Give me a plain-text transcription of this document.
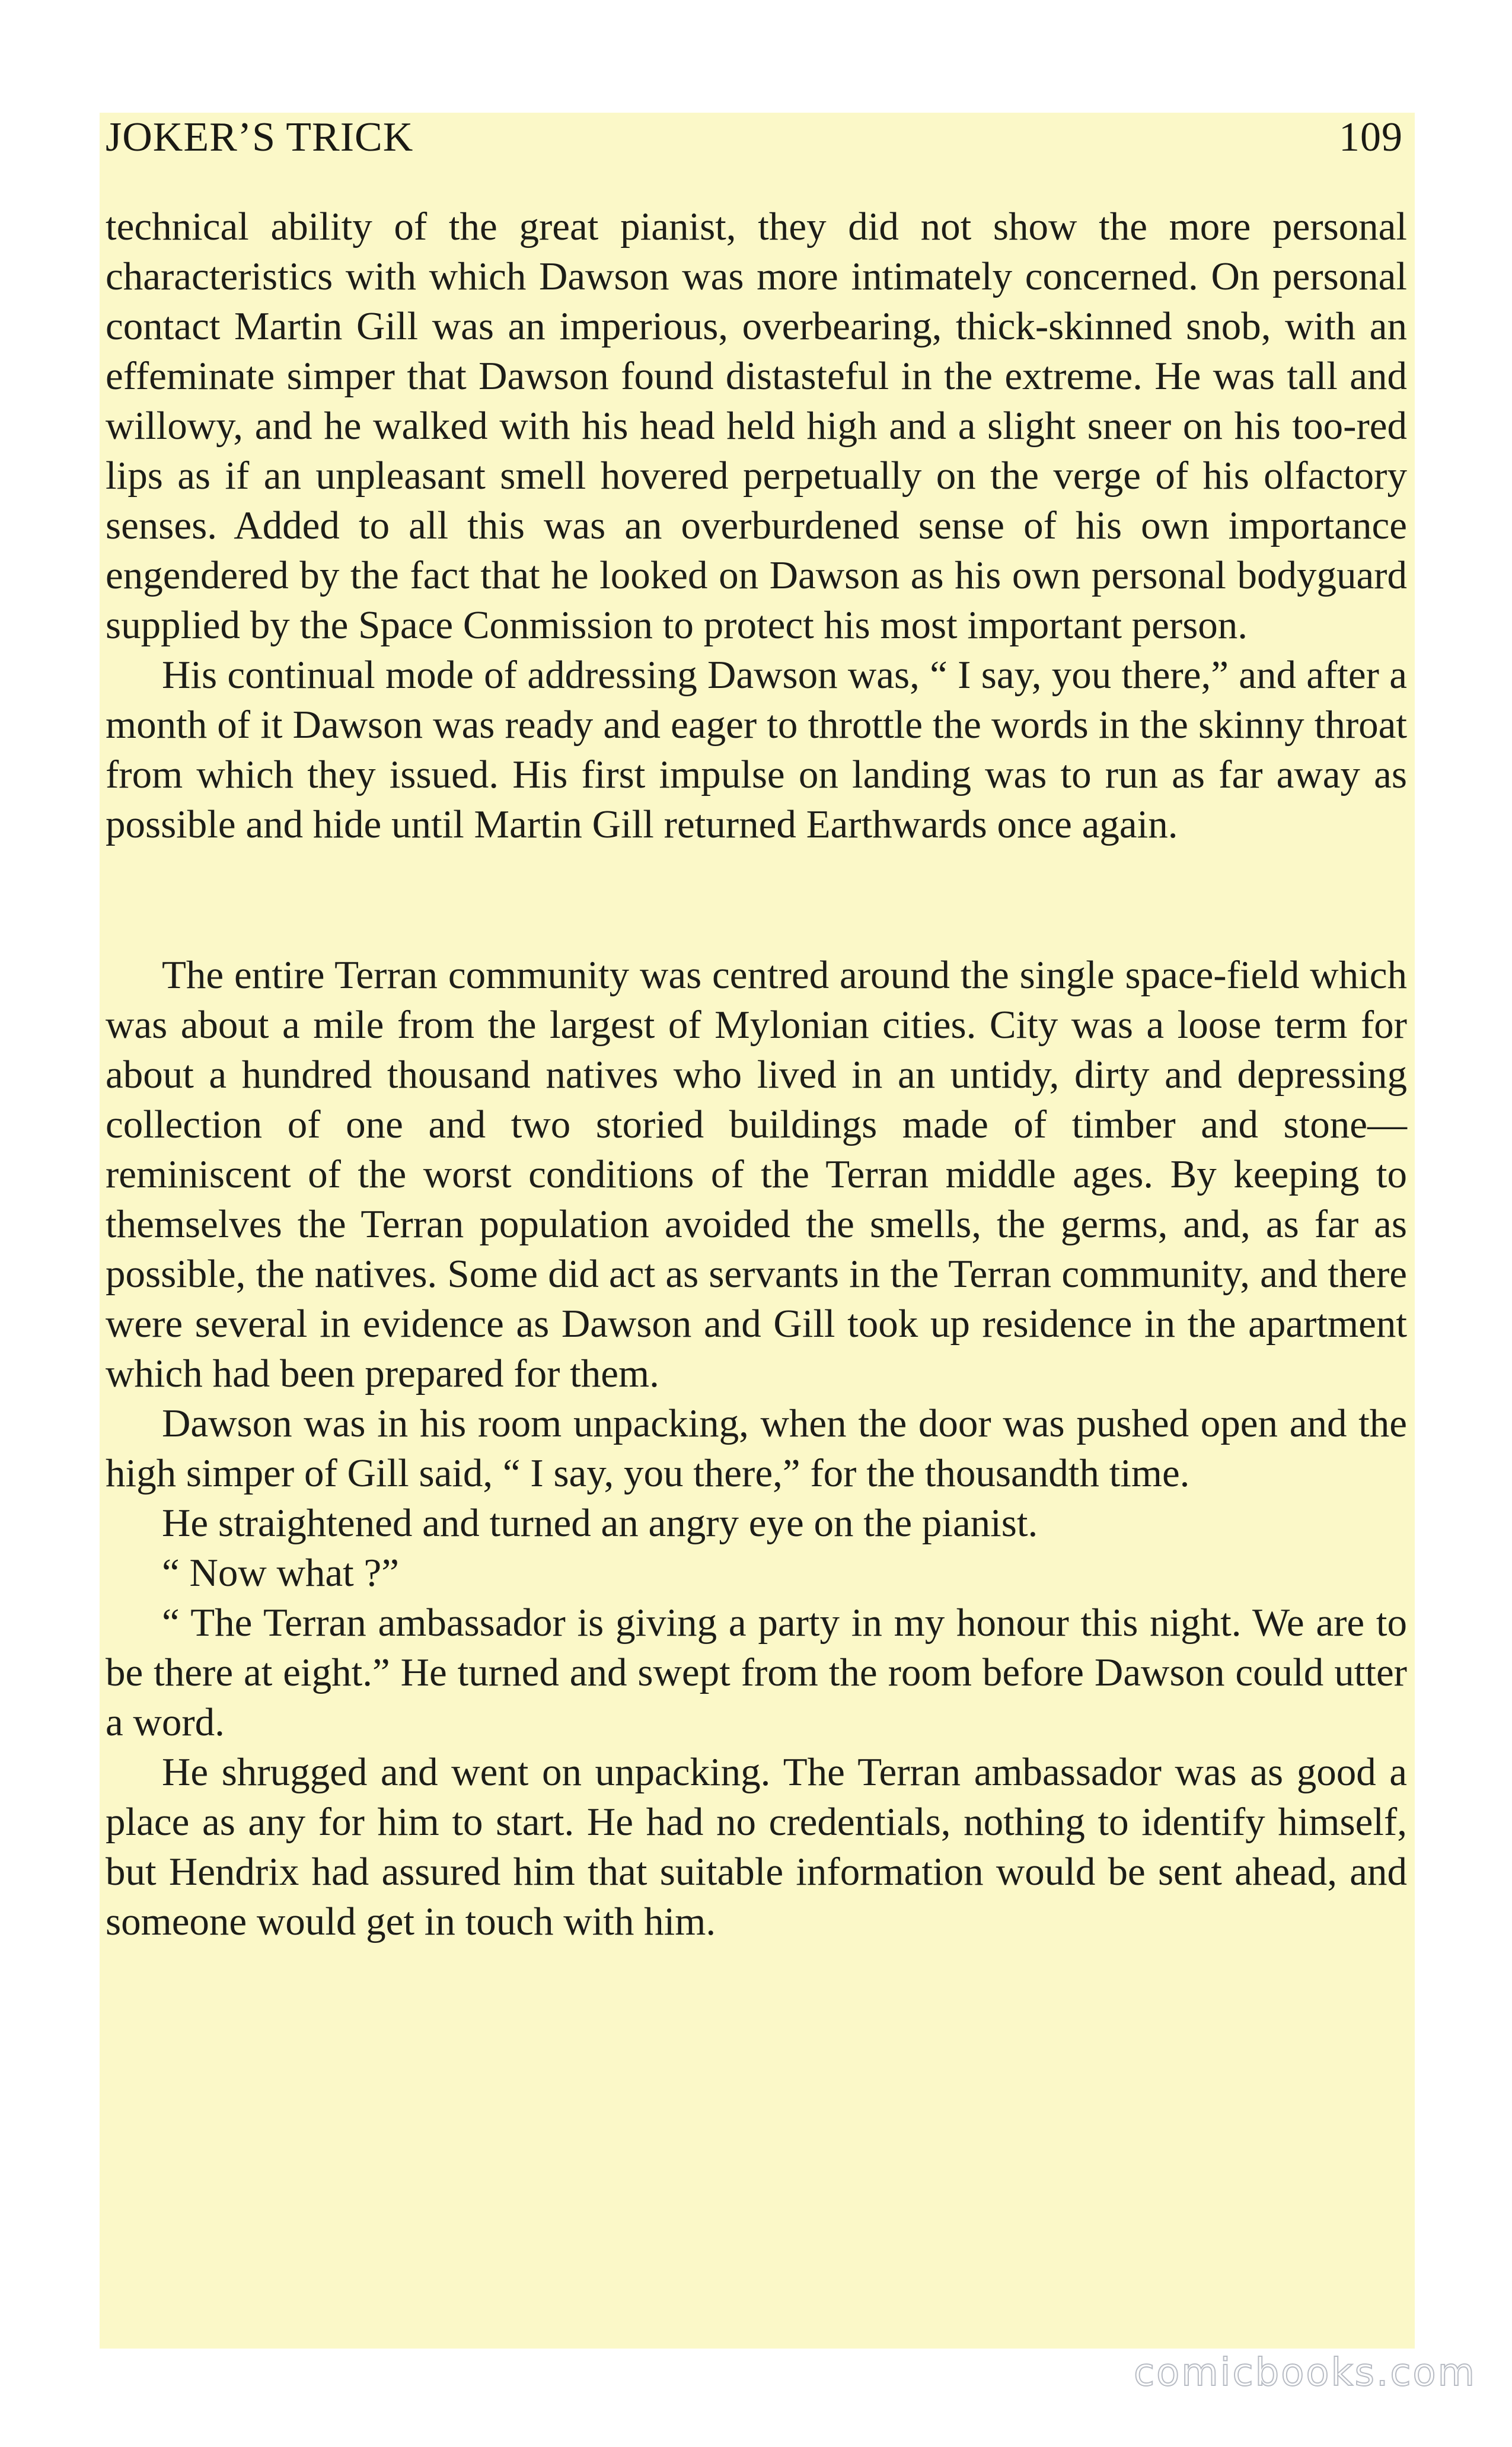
JOKER’S TRICK	109

technical ability of the great pianist, they did not show the more personal characteristics with which Dawson was more intimately concerned. On personal contact Martin Gill was an imperious, overbearing, thick-skinned snob, with an effeminate simper that Dawson found distasteful in the extreme. He was tall and willowy, and he walked with his head held high and a slight sneer on his too-red lips as if an unpleasant smell hovered perpetually on the verge of his olfactory senses. Added to all this was an overburdened sense of his own importance engendered by the fact that he looked on Dawson as his own personal bodyguard supplied by the Space Conmission to protect his most important person.

His continual mode of addressing Dawson was, “ I say, you there,” and after a month of it Dawson was ready and eager to throttle the words in the skinny throat from which they issued. His first impulse on landing was to run as far away as possible and hide until Martin Gill returned Earthwards once again.

The entire Terran community was centred around the single space-field which was about a mile from the largest of Mylonian cities. City was a loose term for about a hundred thousand natives who lived in an untidy, dirty and depressing collection of one and two storied buildings made of timber and stone—reminiscent of the worst conditions of the Terran middle ages. By keeping to themselves the Terran population avoided the smells, the germs, and, as far as possible, the natives. Some did act as servants in the Terran community, and there were several in evidence as Dawson and Gill took up residence in the apartment which had been prepared for them.

Dawson was in his room unpacking, when the door was pushed open and the high simper of Gill said, “ I say, you there,” for the thousandth time.

He straightened and turned an angry eye on the pianist.

“ Now what ?”

“ The Terran ambassador is giving a party in my honour this night. We are to be there at eight.” He turned and swept from the room before Dawson could utter a word.

He shrugged and went on unpacking. The Terran ambassador was as good a place as any for him to start. He had no credentials, nothing to identify himself, but Hendrix had assured him that suitable information would be sent ahead, and someone would get in touch with him.

comicbooks.com
